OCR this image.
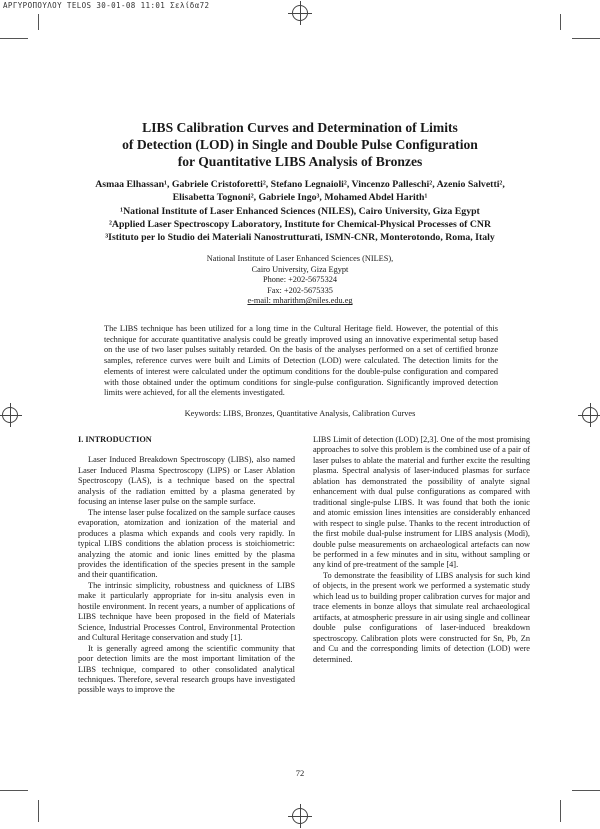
ΑΡΓΥΡΟΠΟΥΛΟΥ TELOS 30-01-08 11:01 Σελίδα72
LIBS Calibration Curves and Determination of Limits
of Detection (LOD) in Single and Double Pulse Configuration
for Quantitative LIBS Analysis of Bronzes
Asmaa Elhassan¹, Gabriele Cristoforetti², Stefano Legnaioli², Vincenzo Palleschi², Azenio Salvetti²,
Elisabetta Tognoni², Gabriele Ingo³, Mohamed Abdel Harith¹
¹National Institute of Laser Enhanced Sciences (NILES), Cairo University, Giza Egypt
²Applied Laser Spectroscopy Laboratory, Institute for Chemical-Physical Processes of CNR
³Istituto per lo Studio dei Materiali Nanostrutturati, ISMN-CNR, Monterotondo, Roma, Italy
National Institute of Laser Enhanced Sciences (NILES),
Cairo University, Giza Egypt
Phone: +202-5675324
Fax: +202-5675335
e-mail: mharithm@niles.edu.eg
The LIBS technique has been utilized for a long time in the Cultural Heritage field. However, the potential of this technique for accurate quantitative analysis could be greatly improved using an innovative experimental setup based on the use of two laser pulses suitably retarded. On the basis of the analyses performed on a set of certified bronze samples, reference curves were built and Limits of Detection (LOD) were calculated. The detection limits for the elements of interest were calculated under the optimum conditions for the double-pulse configuration and compared with those obtained under the optimum conditions for single-pulse configuration. Significantly improved detection limits were achieved, for all the elements investigated.
Keywords: LIBS, Bronzes, Quantitative Analysis, Calibration Curves
I. INTRODUCTION

Laser Induced Breakdown Spectroscopy (LIBS), also named Laser Induced Plasma Spectroscopy (LIPS) or Laser Ablation Spectroscopy (LAS), is a technique based on the spectral analysis of the radiation emitted by a plasma generated by focusing an intense laser pulse on the sample surface.

The intense laser pulse focalized on the sample surface causes evaporation, atomization and ionization of the material and produces a plasma which expands and cools very rapidly. In typical LIBS conditions the ablation process is stoichiometric: analyzing the atomic and ionic lines emitted by the plasma provides the identification of the species present in the sample and their quantification.

The intrinsic simplicity, robustness and quickness of LIBS make it particularly appropriate for in-situ analysis even in hostile environment. In recent years, a number of applications of LIBS technique have been proposed in the field of Materials Science, Industrial Processes Control, Environmental Protection and Cultural Heritage conservation and study [1].

It is generally agreed among the scientific community that poor detection limits are the most important limitation of the LIBS technique, compared to other consolidated analytical techniques. Therefore, several research groups have investigated possible ways to improve the

LIBS Limit of detection (LOD) [2,3]. One of the most promising approaches to solve this problem is the combined use of a pair of laser pulses to ablate the material and further excite the resulting plasma. Spectral analysis of laser-induced plasmas for surface ablation has demonstrated the possibility of analyte signal enhancement with dual pulse configurations as compared with traditional single-pulse LIBS. It was found that both the ionic and atomic emission lines intensities are considerably enhanced with respect to single pulse. Thanks to the recent introduction of the first mobile dual-pulse instrument for LIBS analysis (Modì), double pulse measurements on archaeological artefacts can now be performed in a few minutes and in situ, without sampling or any kind of pre-treatment of the sample [4].

To demonstrate the feasibility of LIBS analysis for such kind of objects, in the present work we performed a systematic study which lead us to building proper calibration curves for major and trace elements in bonze alloys that simulate real archaeological artifacts, at atmospheric pressure in air using single and collinear double pulse configurations of laser-induced breakdown spectroscopy. Calibration plots were constructed for Sn, Pb, Zn and Cu and the corresponding limits of detection (LOD) were determined.

72
